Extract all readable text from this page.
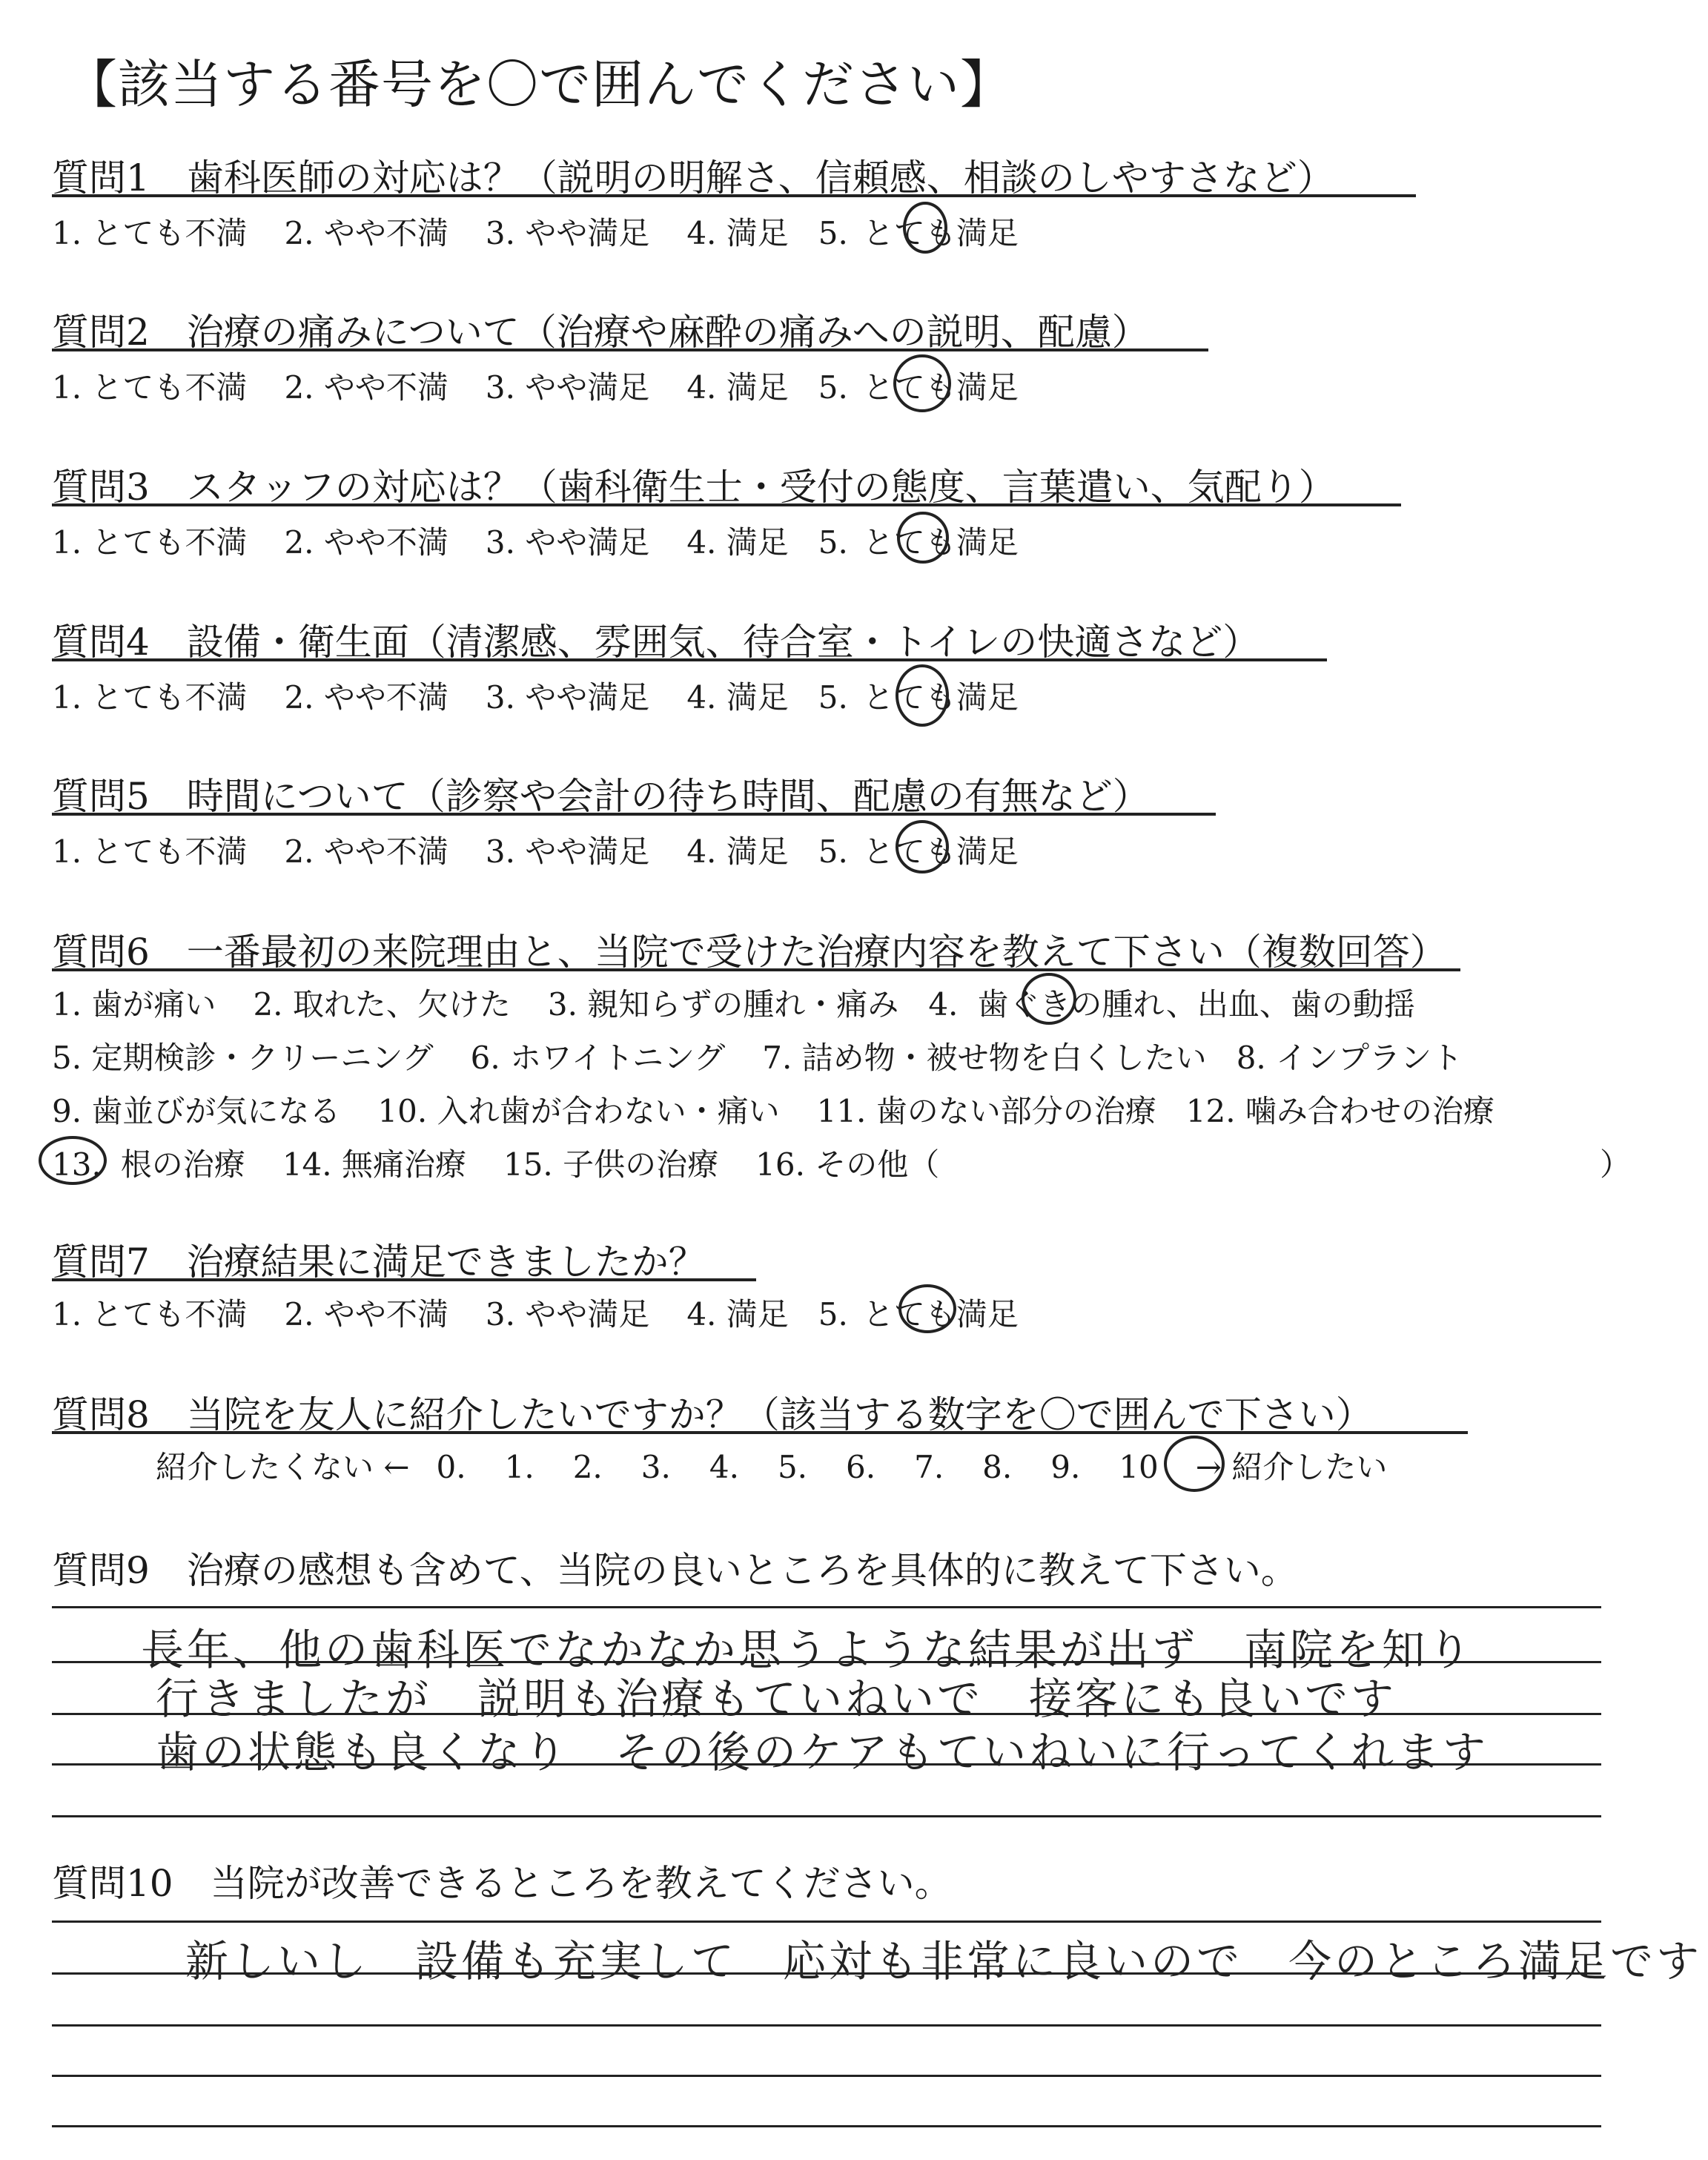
【該当する番号を〇で囲んでください】
質問1　歯科医師の対応は？（説明の明解さ、信頼感、相談のしやすさなど）
1. とても不満 2. やや不満 3. やや満足 4. 満足 5. とても満足
質問2　治療の痛みについて（治療や麻酔の痛みへの説明、配慮）
1. とても不満 2. やや不満 3. やや満足 4. 満足 5. とても満足
質問3　スタッフの対応は？（歯科衛生士・受付の態度、言葉遣い、気配り）
1. とても不満 2. やや不満 3. やや満足 4. 満足 5. とても満足
質問4　設備・衛生面（清潔感、雰囲気、待合室・トイレの快適さなど）
1. とても不満 2. やや不満 3. やや満足 4. 満足 5. とても満足
質問5　時間について（診察や会計の待ち時間、配慮の有無など）
1. とても不満 2. やや不満 3. やや満足 4. 満足 5. とても満足
質問6　一番最初の来院理由と、当院で受けた治療内容を教えて下さい（複数回答）
1. 歯が痛い 2. 取れた、欠けた 3. 親知らずの腫れ・痛み 4. 歯ぐきの腫れ、出血、歯の動揺
5. 定期検診・クリーニング 6. ホワイトニング 7. 詰め物・被せ物を白くしたい 8. インプラント
9. 歯並びが気になる 10. 入れ歯が合わない・痛い 11. 歯のない部分の治療 12. 噛み合わせの治療
13. 根の治療 14. 無痛治療 15. 子供の治療 16. その他（	）
質問7　治療結果に満足できましたか？
1. とても不満 2. やや不満 3. やや満足 4. 満足 5. とても満足
質問8　当院を友人に紹介したいですか？（該当する数字を〇で囲んで下さい）
紹介したくない ← 0. 1. 2. 3. 4. 5. 6. 7. 8. 9. 10 → 紹介したい
質問9　治療の感想も含めて、当院の良いところを具体的に教えて下さい。
長年、他の歯科医でなかなか思うような結果が出ず　南院を知り
行きましたが　説明も治療もていねいで　接客にも良いです
歯の状態も良くなり　その後のケアもていねいに行ってくれます
質問10　当院が改善できるところを教えてください。
新しいし　設備も充実して　応対も非常に良いので　今のところ満足です
